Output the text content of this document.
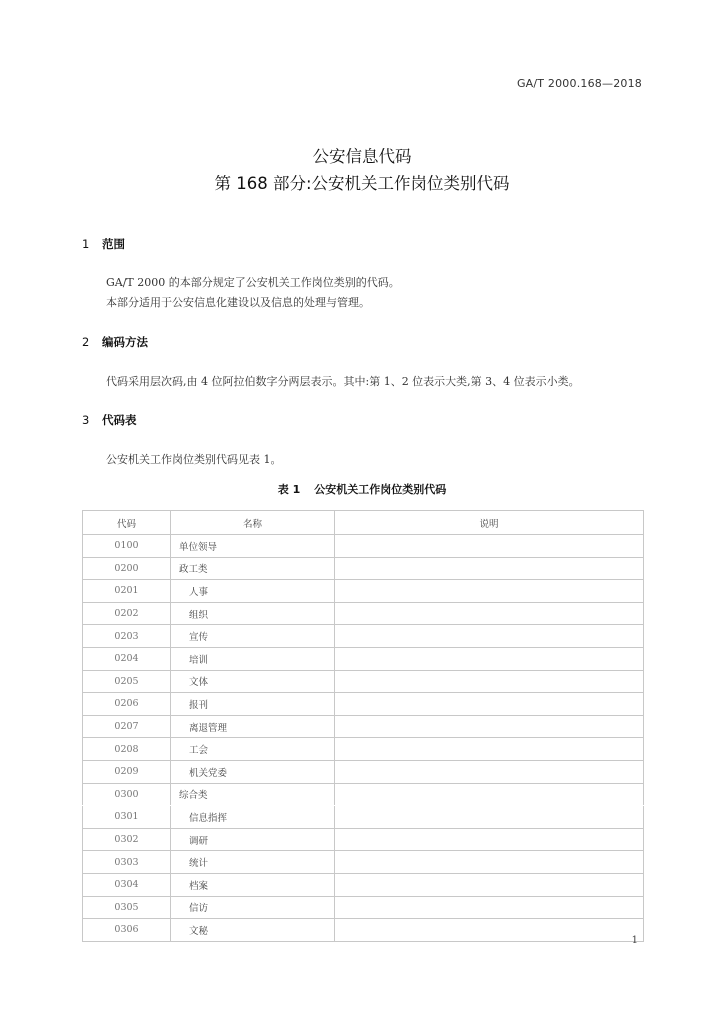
GA/T 2000.168—2018
公安信息代码
第 168 部分:公安机关工作岗位类别代码
1 范围
GA/T 2000 的本部分规定了公安机关工作岗位类别的代码。
本部分适用于公安信息化建设以及信息的处理与管理。
2 编码方法
代码采用层次码,由 4 位阿拉伯数字分两层表示。其中:第 1、2 位表示大类,第 3、4 位表示小类。
3 代码表
公安机关工作岗位类别代码见表 1。
表 1 公安机关工作岗位类别代码
代码	名称	说明
0100	单位领导	
0200	政工类	
0201	人事	
0202	组织	
0203	宣传	
0204	培训	
0205	文体	
0206	报刊	
0207	离退管理	
0208	工会	
0209	机关党委	
0300	综合类	
0301	信息指挥	
0302	调研	
0303	统计	
0304	档案	
0305	信访	
0306	文秘	
1
